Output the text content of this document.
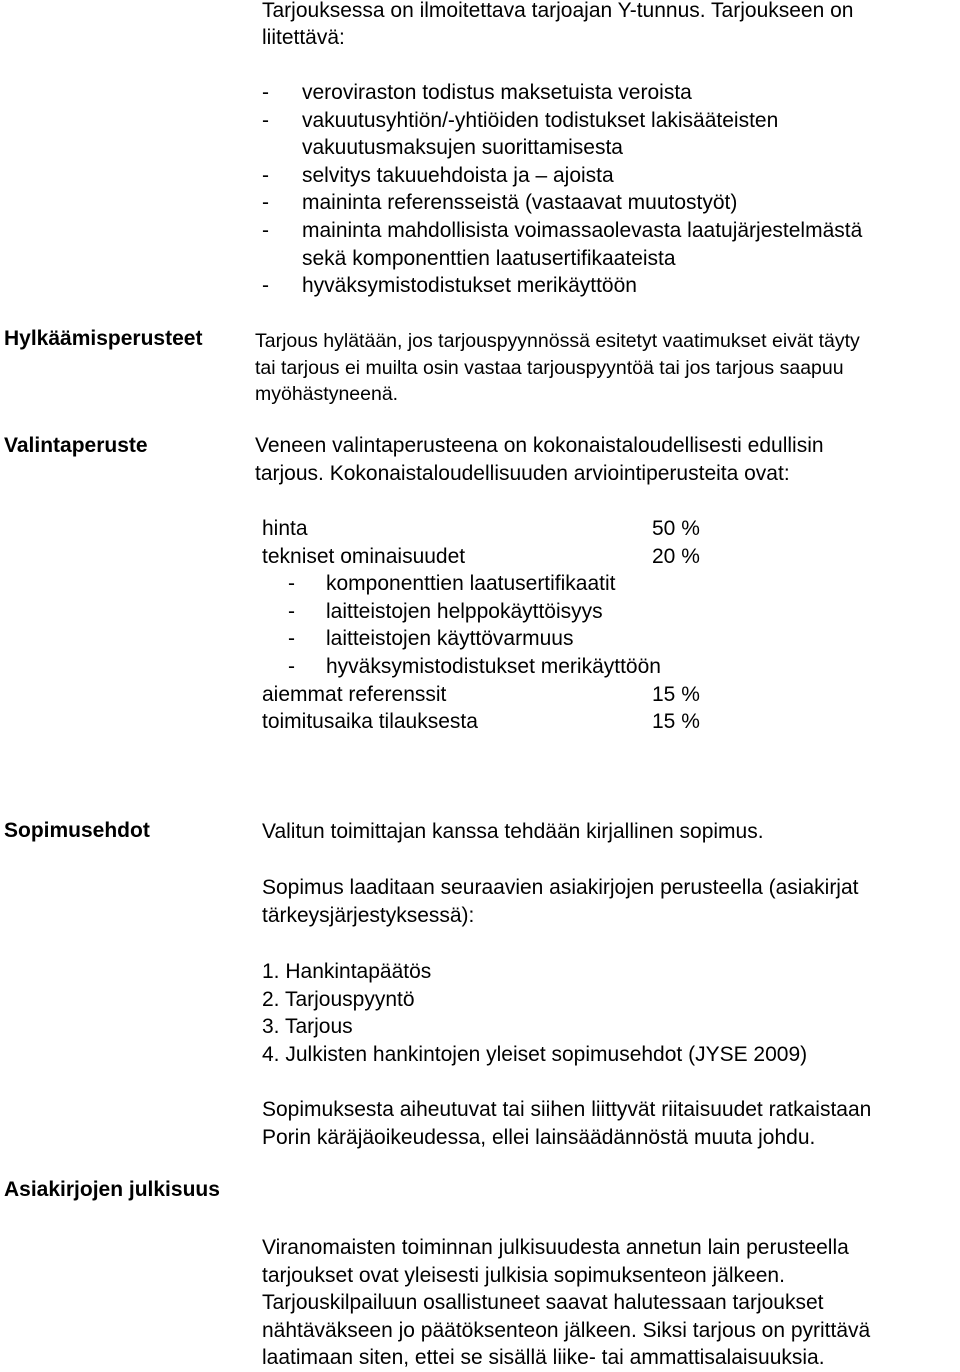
Tarjouksessa on ilmoitettava tarjoajan Y-tunnus. Tarjoukseen on

liitettävä:

- veroviraston todistus maksetuista veroista
- vakuutusyhtiön/-yhtiöiden todistukset lakisääteisten
vakuutusmaksujen suorittamisesta
- selvitys takuuehdoista ja – ajoista
- maininta referensseistä (vastaavat muutostyöt)
- maininta mahdollisista voimassaolevasta laatujärjestelmästä
sekä komponenttien laatusertifikaateista
- hyväksymistodistukset merikäyttöön

Hylkäämisperusteet	Tarjous hylätään, jos tarjouspyynnössä esitetyt vaatimukset eivät täyty
tai tarjous ei muilta osin vastaa tarjouspyyntöä tai jos tarjous saapuu
myöhästyneenä.

Valintaperuste	Veneen valintaperusteena on kokonaistaloudellisesti edullisin
tarjous. Kokonaistaloudellisuuden arviointiperusteita ovat:
hinta	50 %
tekniset ominaisuudet	20 %
- komponenttien laatusertifikaatit
- laitteistojen helppokäyttöisyys
- laitteistojen käyttövarmuus
- hyväksymistodistukset merikäyttöön
aiemmat referenssit	15 %
toimitusaika tilauksesta	15 %

Sopimusehdot	Valitun toimittajan kanssa tehdään kirjallinen sopimus.

Sopimus laaditaan seuraavien asiakirjojen perusteella (asiakirjat
tärkeysjärjestyksessä):
1. Hankintapäätös
2. Tarjouspyyntö
3. Tarjous
4. Julkisten hankintojen yleiset sopimusehdot (JYSE 2009)
Sopimuksesta aiheutuvat tai siihen liittyvät riitaisuudet ratkaistaan
Porin käräjäoikeudessa, ellei lainsäädännöstä muuta johdu.

Asiakirjojen julkisuus

Viranomaisten toiminnan julkisuudesta annetun lain perusteella
tarjoukset ovat yleisesti julkisia sopimuksenteon jälkeen.
Tarjouskilpailuun osallistuneet saavat halutessaan tarjoukset
nähtäväkseen jo päätöksenteon jälkeen. Siksi tarjous on pyrittävä
laatimaan siten, ettei se sisällä liike- tai ammattisalaisuuksia.
